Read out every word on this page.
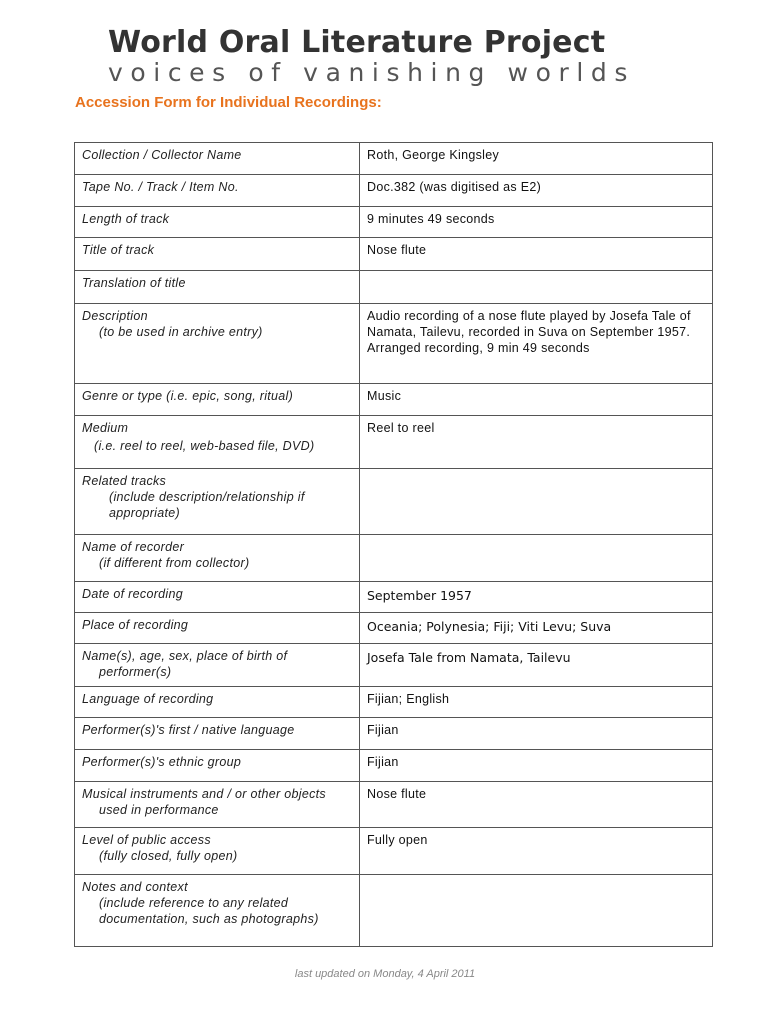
World Oral Literature Project
voices of vanishing worlds
Accession Form for Individual Recordings:
Collection / Collector Name	Roth, George Kingsley

Tape No. / Track / Item No.	Doc.382 (was digitised as E2)

Length of track	9 minutes 49 seconds

Title of track	Nose flute

Translation of title	

Description
(to be used in archive entry)	Audio recording of a nose flute played by Josefa Tale of Namata, Tailevu, recorded in Suva on September 1957. Arranged recording, 9 min 49 seconds

Genre or type (i.e. epic, song, ritual)	Music

Medium
(i.e. reel to reel, web-based file, DVD)	Reel to reel

Related tracks
(include description/relationship if
appropriate)	

Name of recorder
(if different from collector)	

Date of recording	September 1957

Place of recording	Oceania; Polynesia; Fiji; Viti Levu; Suva

Name(s), age, sex, place of birth of
performer(s)	Josefa Tale from Namata, Tailevu

Language of recording	Fijian; English

Performer(s)'s first / native language	Fijian

Performer(s)'s ethnic group	Fijian

Musical instruments and / or other objects
used in performance	Nose flute

Level of public access
(fully closed, fully open)	Fully open

Notes and context
(include reference to any related
documentation, such as photographs)	

last updated on Monday, 4 April 2011
